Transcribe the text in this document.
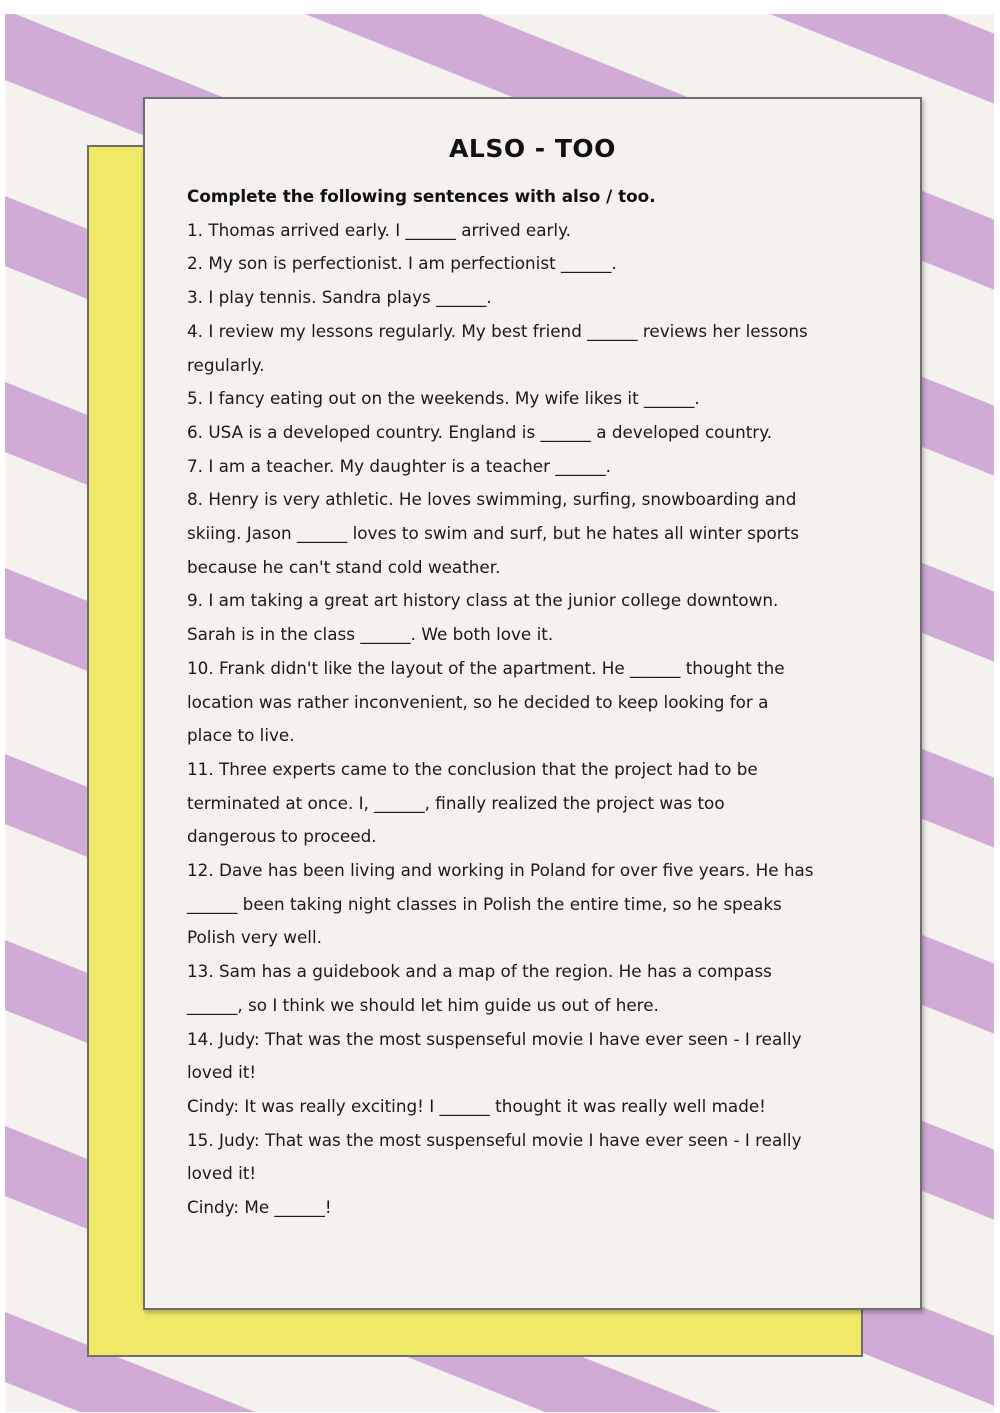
ALSO - TOO
Complete the following sentences with also / too.
1. Thomas arrived early. I ______ arrived early.
2. My son is perfectionist. I am perfectionist ______.
3. I play tennis. Sandra plays ______.
4. I review my lessons regularly. My best friend ______ reviews her lessons
regularly.
5. I fancy eating out on the weekends. My wife likes it ______.
6. USA is a developed country. England is ______ a developed country.
7. I am a teacher. My daughter is a teacher ______.
8. Henry is very athletic. He loves swimming, surfing, snowboarding and
skiing. Jason ______ loves to swim and surf, but he hates all winter sports
because he can't stand cold weather.
9. I am taking a great art history class at the junior college downtown.
Sarah is in the class ______. We both love it.
10. Frank didn't like the layout of the apartment. He ______ thought the
location was rather inconvenient, so he decided to keep looking for a
place to live.
11. Three experts came to the conclusion that the project had to be
terminated at once. I, ______, finally realized the project was too
dangerous to proceed.
12. Dave has been living and working in Poland for over five years. He has
______ been taking night classes in Polish the entire time, so he speaks
Polish very well.
13. Sam has a guidebook and a map of the region. He has a compass
______, so I think we should let him guide us out of here.
14. Judy: That was the most suspenseful movie I have ever seen - I really
loved it!
Cindy: It was really exciting! I ______ thought it was really well made!
15. Judy: That was the most suspenseful movie I have ever seen - I really
loved it!
Cindy: Me ______!
